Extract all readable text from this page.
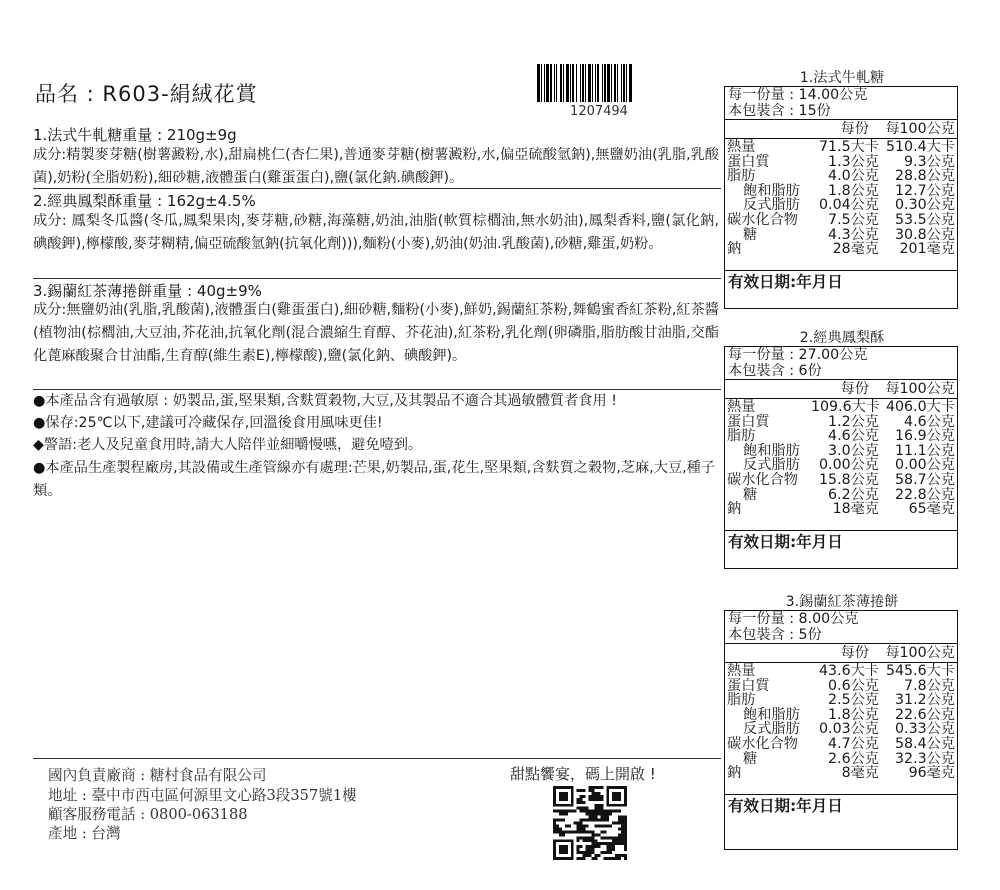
品名 : R603-絹絨花賞
1207494
1.法式牛軋糖重量 : 210g±9g
成分:精製麥芽糖(樹薯澱粉,水),甜扁桃仁(杏仁果),普通麥芽糖(樹薯澱粉,水,偏亞硫酸氫鈉),無鹽奶油(乳脂,乳酸菌),奶粉(全脂奶粉),細砂糖,液體蛋白(雞蛋蛋白),鹽(氯化鈉.碘酸鉀)。
2.經典鳳梨酥重量 : 162g±4.5%
成分: 鳳梨冬瓜醬(冬瓜,鳳梨果肉,麥芽糖,砂糖,海藻糖,奶油,油脂(軟質棕櫚油,無水奶油),鳳梨香料,鹽(氯化鈉,碘酸鉀),檸檬酸,麥芽糊精,偏亞硫酸氫鈉(抗氧化劑))),麵粉(小麥),奶油(奶油.乳酸菌),砂糖,雞蛋,奶粉。
3.錫蘭紅茶薄捲餅重量 : 40g±9%
成分:無鹽奶油(乳脂,乳酸菌),液體蛋白(雞蛋蛋白),細砂糖,麵粉(小麥),鮮奶,錫蘭紅茶粉,舞鶴蜜香紅茶粉,紅茶醬(植物油(棕櫚油,大豆油,芥花油,抗氧化劑(混合濃縮生育醇、芥花油),紅茶粉,乳化劑(卵磷脂,脂肪酸甘油脂,交酯化蓖麻酸聚合甘油酯,生育醇(維生素E),檸檬酸),鹽(氯化鈉、碘酸鉀)。
●本產品含有過敏原 : 奶製品,蛋,堅果類,含麩質穀物,大豆,及其製品不適合其過敏體質者食用 !
●保存:25℃以下,建議可冷藏保存,回溫後食用風味更佳!
◆警語:老人及兒童食用時,請大人陪伴並細嚼慢嚥，避免噎到。
●本產品生產製程廠房,其設備或生產管線亦有處理:芒果,奶製品,蛋,花生,堅果類,含麩質之穀物,芝麻,大豆,種子類。
國內負責廠商 : 糖村食品有限公司
地址 : 臺中市西屯區何源里文心路3段357號1樓
顧客服務電話 : 0800-063188
產地 : 台灣
甜點饗宴，碼上開啟 !
1.法式牛軋糖
每一份量 : 14.00公克
本包裝含 : 15份
每份	每100公克
熱量	71.5大卡 510.4大卡
蛋白質	1.3公克	9.3公克
脂肪	4.0公克	28.8公克
飽和脂肪	1.8公克	12.7公克
反式脂肪	0.04公克	0.30公克
碳水化合物	7.5公克	53.5公克
糖	4.3公克	30.8公克
鈉	28毫克	201毫克
有效日期:年月日
2.經典鳳梨酥
每一份量 : 27.00公克
本包裝含 : 6份
每份	每100公克
熱量	109.6大卡 406.0大卡
蛋白質	1.2公克	4.6公克
脂肪	4.6公克	16.9公克
飽和脂肪	3.0公克	11.1公克
反式脂肪	0.00公克	0.00公克
碳水化合物	15.8公克	58.7公克
糖	6.2公克	22.8公克
鈉	18毫克	65毫克
有效日期:年月日
3.錫蘭紅茶薄捲餅
每一份量 : 8.00公克
本包裝含 : 5份
每份	每100公克
熱量	43.6大卡 545.6大卡
蛋白質	0.6公克	7.8公克
脂肪	2.5公克	31.2公克
飽和脂肪	1.8公克	22.6公克
反式脂肪	0.03公克	0.33公克
碳水化合物	4.7公克	58.4公克
糖	2.6公克	32.3公克
鈉	8毫克	96毫克
有效日期:年月日
